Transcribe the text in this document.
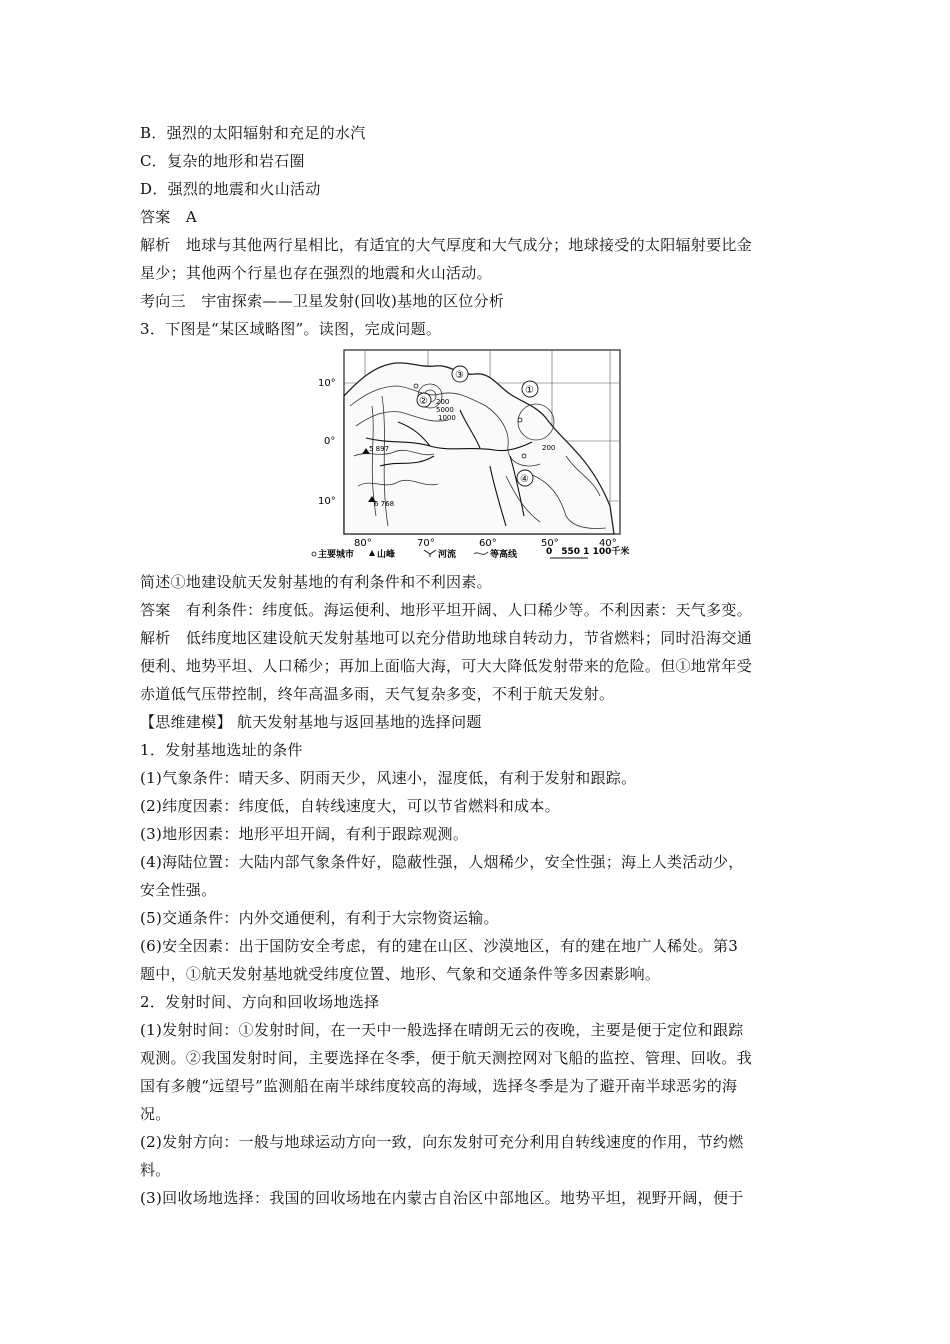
B．强烈的太阳辐射和充足的水汽
C．复杂的地形和岩石圈
D．强烈的地震和火山活动
答案　A
解析　地球与其他两行星相比，有适宜的大气厚度和大气成分；地球接受的太阳辐射要比金
星少；其他两个行星也存在强烈的地震和火山活动。
考向三　宇宙探索——卫星发射(回收)基地的区位分析
3．下图是“某区域略图”。读图，完成问题。
5 897
6 768
200
5000
1000
200
①
②
③
④
10°
0°
10°
80°	70°	60°	50°	40°
主要城市	山峰	河流	等高线	0　550 1 100千米
简述①地建设航天发射基地的有利条件和不利因素。
答案　有利条件：纬度低。海运便利、地形平坦开阔、人口稀少等。不利因素：天气多变。
解析　低纬度地区建设航天发射基地可以充分借助地球自转动力，节省燃料；同时沿海交通
便利、地势平坦、人口稀少；再加上面临大海，可大大降低发射带来的危险。但①地常年受
赤道低气压带控制，终年高温多雨，天气复杂多变，不利于航天发射。
【思维建模】 航天发射基地与返回基地的选择问题
1．发射基地选址的条件
(1)气象条件：晴天多、阴雨天少，风速小，湿度低，有利于发射和跟踪。
(2)纬度因素：纬度低，自转线速度大，可以节省燃料和成本。
(3)地形因素：地形平坦开阔，有利于跟踪观测。
(4)海陆位置：大陆内部气象条件好，隐蔽性强，人烟稀少，安全性强；海上人类活动少，
安全性强。
(5)交通条件：内外交通便利，有利于大宗物资运输。
(6)安全因素：出于国防安全考虑，有的建在山区、沙漠地区，有的建在地广人稀处。第3
题中，①航天发射基地就受纬度位置、地形、气象和交通条件等多因素影响。
2．发射时间、方向和回收场地选择
(1)发射时间：①发射时间，在一天中一般选择在晴朗无云的夜晚，主要是便于定位和跟踪
观测。②我国发射时间，主要选择在冬季，便于航天测控网对飞船的监控、管理、回收。我
国有多艘“远望号”监测船在南半球纬度较高的海域，选择冬季是为了避开南半球恶劣的海
况。
(2)发射方向：一般与地球运动方向一致，向东发射可充分利用自转线速度的作用，节约燃
料。
(3)回收场地选择：我国的回收场地在内蒙古自治区中部地区。地势平坦，视野开阔，便于
